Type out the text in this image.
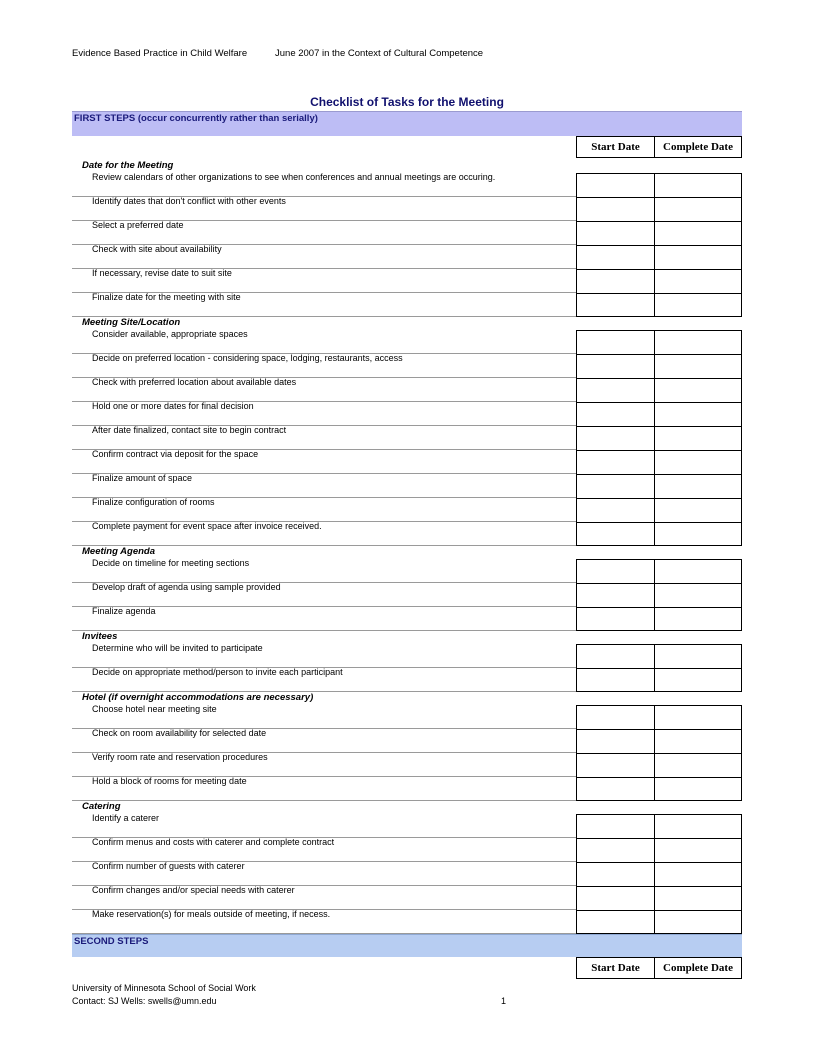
Evidence Based Practice in Child Welfare	June 2007 in the Context of Cultural Competence
Checklist of Tasks for the Meeting
FIRST STEPS (occur concurrently rather than serially)
Start Date	Complete Date
Date for the Meeting
Review calendars of other organizations to see when conferences and annual meetings are occuring.
Identify dates that don't conflict with other events
Select a preferred date
Check with site about availability
If necessary, revise date to suit site
Finalize date for the meeting with site
Meeting Site/Location
Consider available, appropriate spaces
Decide on preferred location - considering space, lodging, restaurants, access
Check with preferred location about available dates
Hold one or more dates for final decision
After date finalized, contact site to begin contract
Confirm contract via deposit for the space
Finalize amount of space
Finalize configuration of rooms
Complete payment for event space after invoice received.
Meeting Agenda
Decide on timeline for meeting sections
Develop draft of agenda using sample provided
Finalize agenda
Invitees
Determine who will be invited to participate
Decide on appropriate method/person to invite each participant
Hotel (if overnight accommodations are necessary)
Choose hotel near meeting site
Check on room availability for selected date
Verify room rate and reservation procedures
Hold a block of rooms for meeting date
Catering
Identify a caterer
Confirm menus and costs with caterer and complete contract
Confirm number of guests with caterer
Confirm changes and/or special needs with caterer
Make reservation(s) for meals outside of meeting, if necess.
SECOND STEPS
Start Date	Complete Date
University of Minnesota School of Social Work
Contact: SJ Wells: swells@umn.edu	1
